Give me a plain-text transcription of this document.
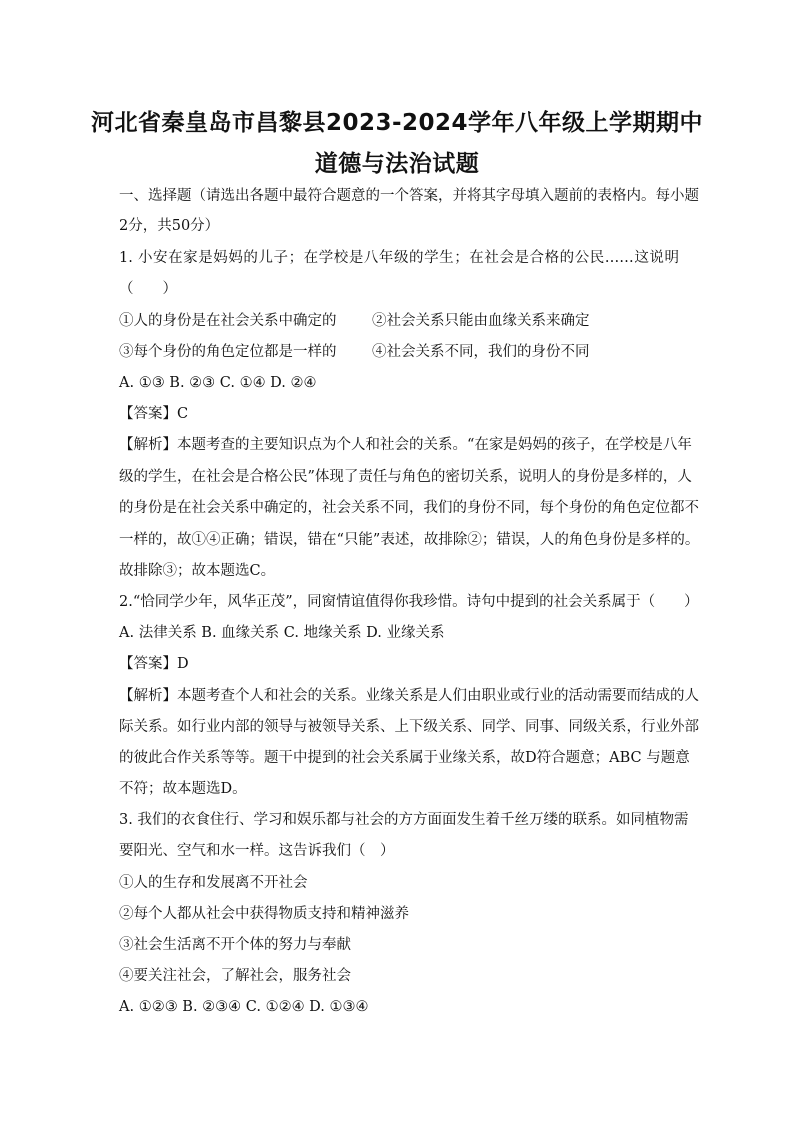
河北省秦皇岛市昌黎县2023-2024学年八年级上学期期中
道德与法治试题
一、选择题（请选出各题中最符合题意的一个答案，并将其字母填入题前的表格内。每小题
2分，共50分）
1. 小安在家是妈妈的儿子；在学校是八年级的学生；在社会是合格的公民……这说明
（　　）
①人的身份是在社会关系中确定的 ②社会关系只能由血缘关系来确定
③每个身份的角色定位都是一样的 ④社会关系不同，我们的身份不同
A. ①③ B. ②③ C. ①④ D. ②④
【答案】C
【解析】本题考查的主要知识点为个人和社会的关系。“在家是妈妈的孩子，在学校是八年
级的学生，在社会是合格公民”体现了责任与角色的密切关系，说明人的身份是多样的，人
的身份是在社会关系中确定的，社会关系不同，我们的身份不同，每个身份的角色定位都不
一样的，故①④正确；错误，错在“只能”表述，故排除②；错误，人的角色身份是多样的。
故排除③；故本题选C。
2.“恰同学少年，风华正茂”，同窗情谊值得你我珍惜。诗句中提到的社会关系属于（　　）
A. 法律关系 B. 血缘关系 C. 地缘关系 D. 业缘关系
【答案】D
【解析】本题考查个人和社会的关系。业缘关系是人们由职业或行业的活动需要而结成的人
际关系。如行业内部的领导与被领导关系、上下级关系、同学、同事、同级关系，行业外部
的彼此合作关系等等。题干中提到的社会关系属于业缘关系，故D符合题意；ABC 与题意
不符；故本题选D。
3. 我们的衣食住行、学习和娱乐都与社会的方方面面发生着千丝万缕的联系。如同植物需
要阳光、空气和水一样。这告诉我们（　）
①人的生存和发展离不开社会
②每个人都从社会中获得物质支持和精神滋养
③社会生活离不开个体的努力与奉献
④要关注社会，了解社会，服务社会
A. ①②③ B. ②③④ C. ①②④ D. ①③④
